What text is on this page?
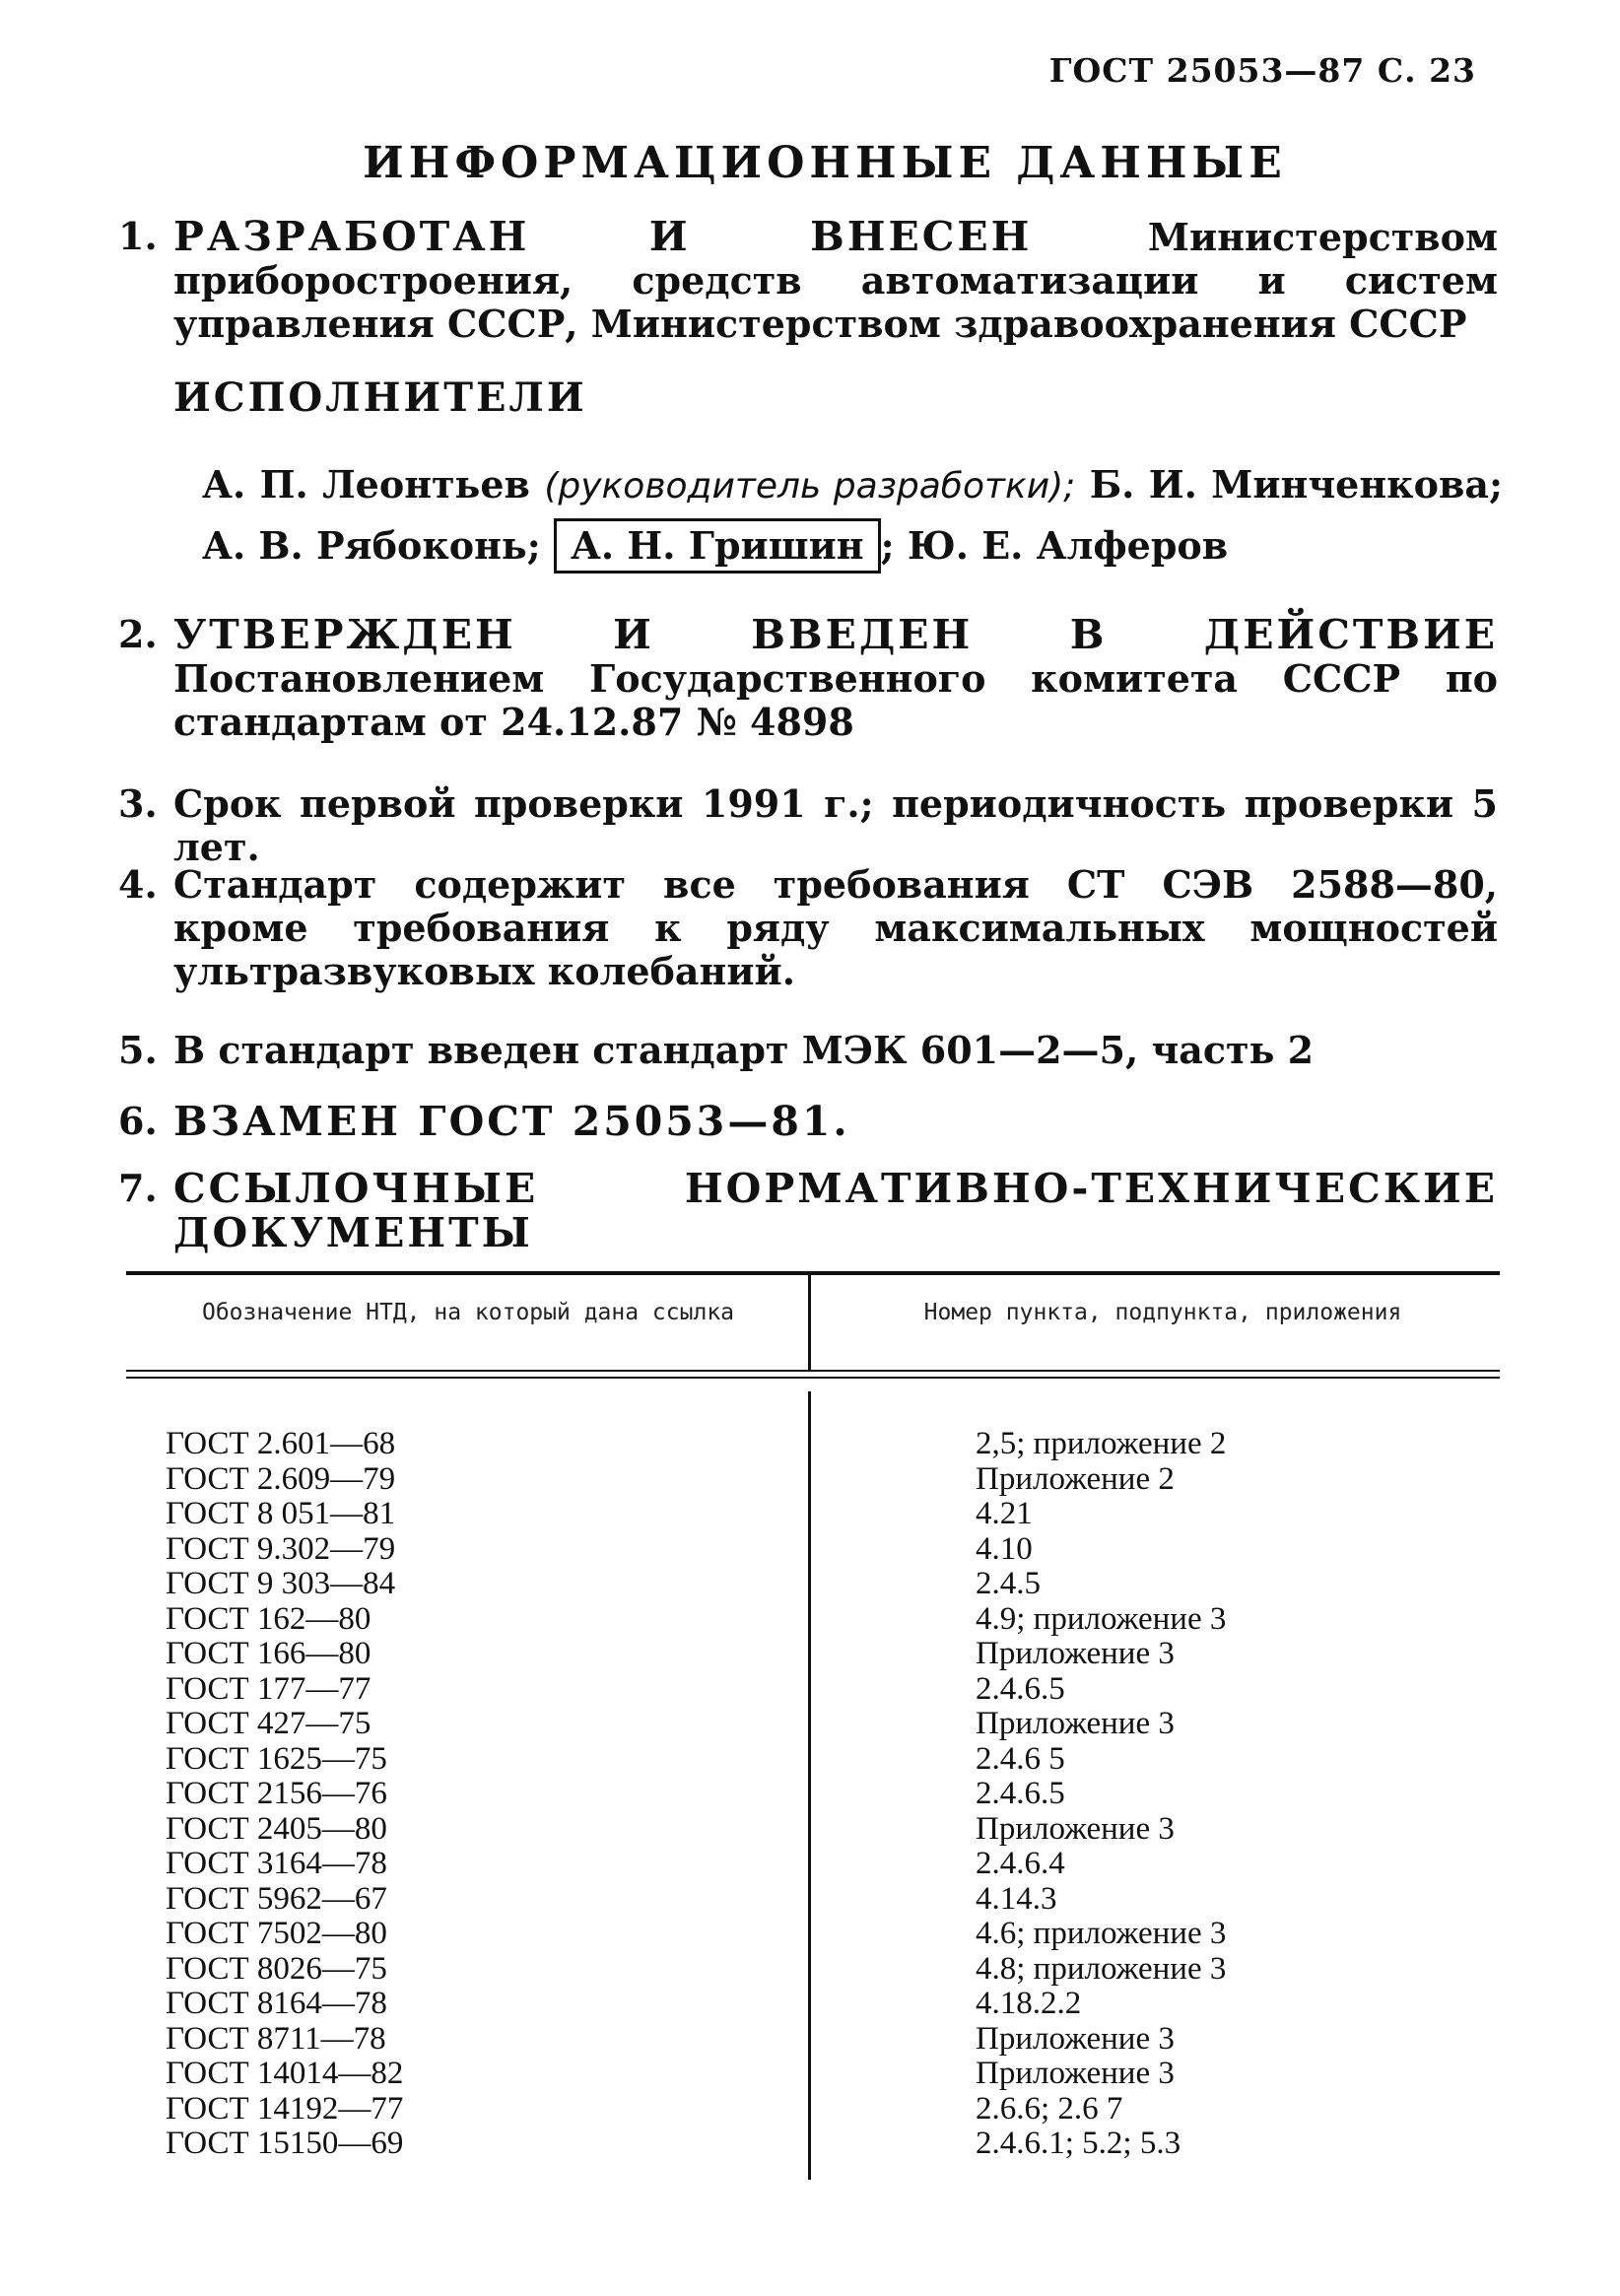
ГОСТ 25053—87 С. 23
ИНФОРМАЦИОННЫЕ ДАННЫЕ
1. РАЗРАБОТАН И ВНЕСЕН	Министерством приборостроения, средств автоматизации и систем управления СССР, Министерством здравоохранения СССР
ИСПОЛНИТЕЛИ
А. П. Леонтьев (руководитель разработки); Б. И. Минченкова; А. В. Рябоконь; А. Н. Гришин ; Ю. Е. Алферов
2. УТВЕРЖДЕН И ВВЕДЕН В ДЕЙСТВИЕ Постановлением Государственного комитета СССР по стандартам от 24.12.87 № 4898
3. Срок первой проверки 1991 г.; периодичность проверки 5 лет.
4. Стандарт содержит все требования СТ СЭВ 2588—80, кроме требования к ряду максимальных мощностей ультразвуковых колебаний.
5. В стандарт введен стандарт МЭК 601—2—5, часть 2
6. ВЗАМЕН ГОСТ 25053—81.
7. ССЫЛОЧНЫЕ НОРМАТИВНО-ТЕХНИЧЕСКИЕ ДОКУМЕНТЫ
Обозначение НТД, на который дана ссылка	Номер пункта, подпункта, приложения
ГОСТ 2.601—68
ГОСТ 2.609—79
ГОСТ 8 051—81
ГОСТ 9.302—79
ГОСТ 9 303—84
ГОСТ 162—80
ГОСТ 166—80
ГОСТ 177—77
ГОСТ 427—75
ГОСТ 1625—75
ГОСТ 2156—76
ГОСТ 2405—80
ГОСТ 3164—78
ГОСТ 5962—67
ГОСТ 7502—80
ГОСТ 8026—75
ГОСТ 8164—78
ГОСТ 8711—78
ГОСТ 14014—82
ГОСТ 14192—77
ГОСТ 15150—69
2,5; приложение 2
Приложение 2
4.21
4.10
2.4.5
4.9; приложение 3
Приложение 3
2.4.6.5
Приложение 3
2.4.6 5
2.4.6.5
Приложение 3
2.4.6.4
4.14.3
4.6; приложение 3
4.8; приложение 3
4.18.2.2
Приложение 3
Приложение 3
2.6.6; 2.6 7
2.4.6.1; 5.2; 5.3
